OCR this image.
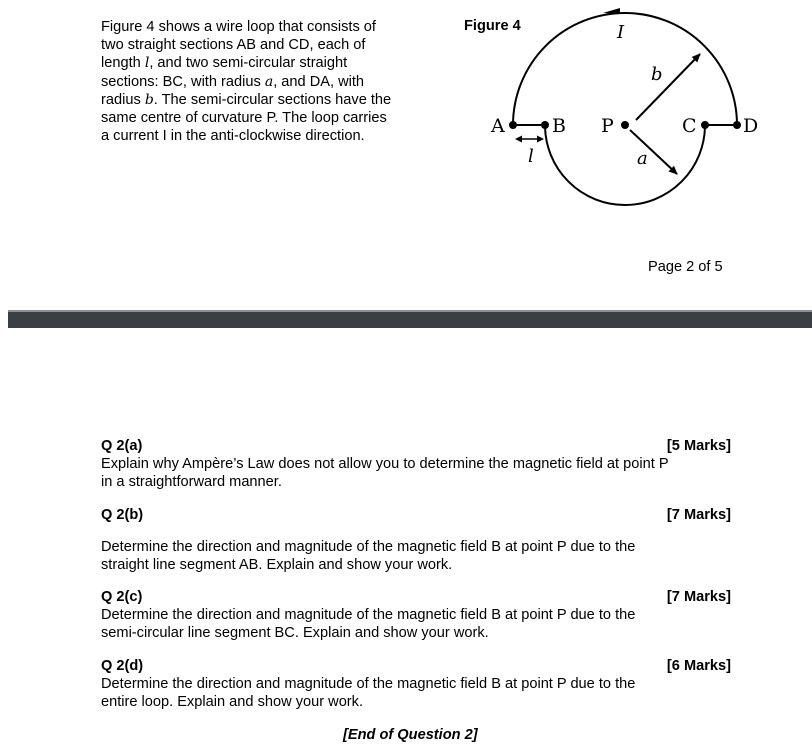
Figure 4 shows a wire loop that consists of
two straight sections AB and CD, each of
length l, and two semi-circular straight
sections: BC, with radius a, and DA, with
radius b. The semi-circular sections have the
same centre of curvature P. The loop carries
a current I in the anti-clockwise direction.
I
b
a
l
A B P	C D
Figure 4
Page 2 of 5
Q 2(a)	[5 Marks]
Explain why Ampère’s Law does not allow you to determine the magnetic field at point P
in a straightforward manner.
Q 2(b)	[7 Marks]
Determine the direction and magnitude of the magnetic field B at point P due to the
straight line segment AB. Explain and show your work.
Q 2(c)	[7 Marks]
Determine the direction and magnitude of the magnetic field B at point P due to the
semi-circular line segment BC. Explain and show your work.
Q 2(d)	[6 Marks]
Determine the direction and magnitude of the magnetic field B at point P due to the
entire loop. Explain and show your work.
[End of Question 2]
